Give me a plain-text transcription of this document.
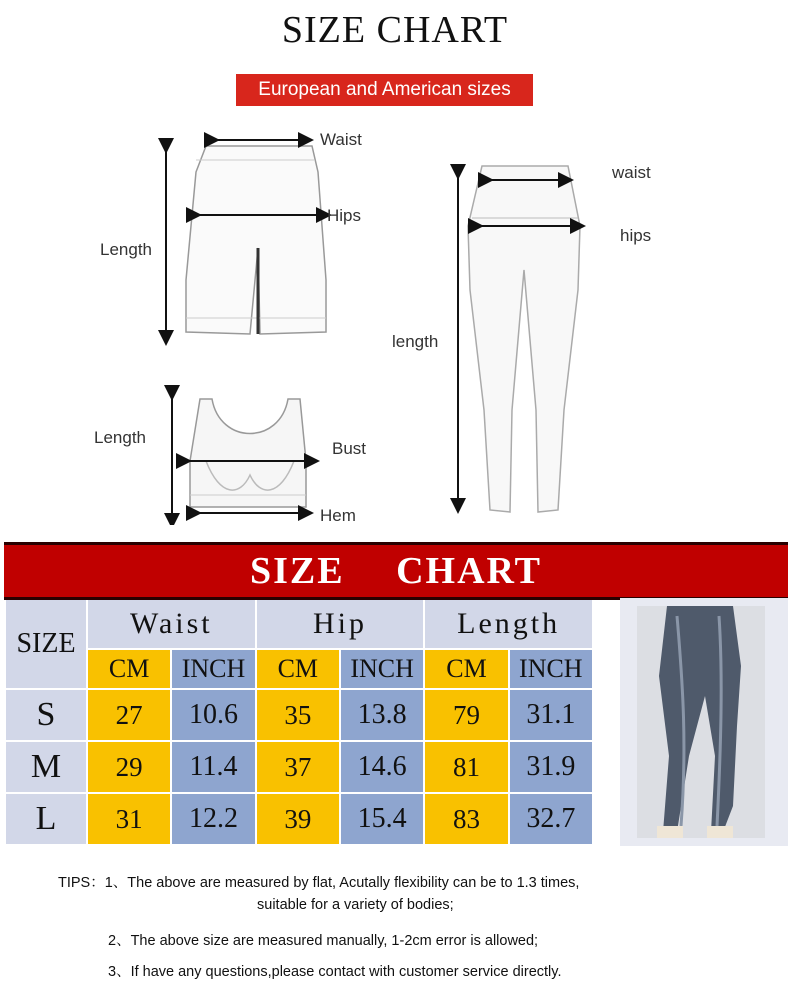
SIZE CHART
European and American sizes
Waist
Hips
Length
Length
Bust
Hem
waist
hips
length
SIZE CHART
SIZE	Waist		Hip		Length	
	CM	INCH	CM	INCH	CM	INCH
S	27	10.6	35	13.8	79	31.1
M	29	11.4	37	14.6	81	31.9
L	31	12.2	39	15.4	83	32.7
TIPS：1、The above are measured by flat, Acutally flexibility can be to 1.3 times,
suitable for a variety of bodies;
2、The above size are measured manually, 1-2cm error is allowed;
3、If have any questions,please contact with customer service directly.
